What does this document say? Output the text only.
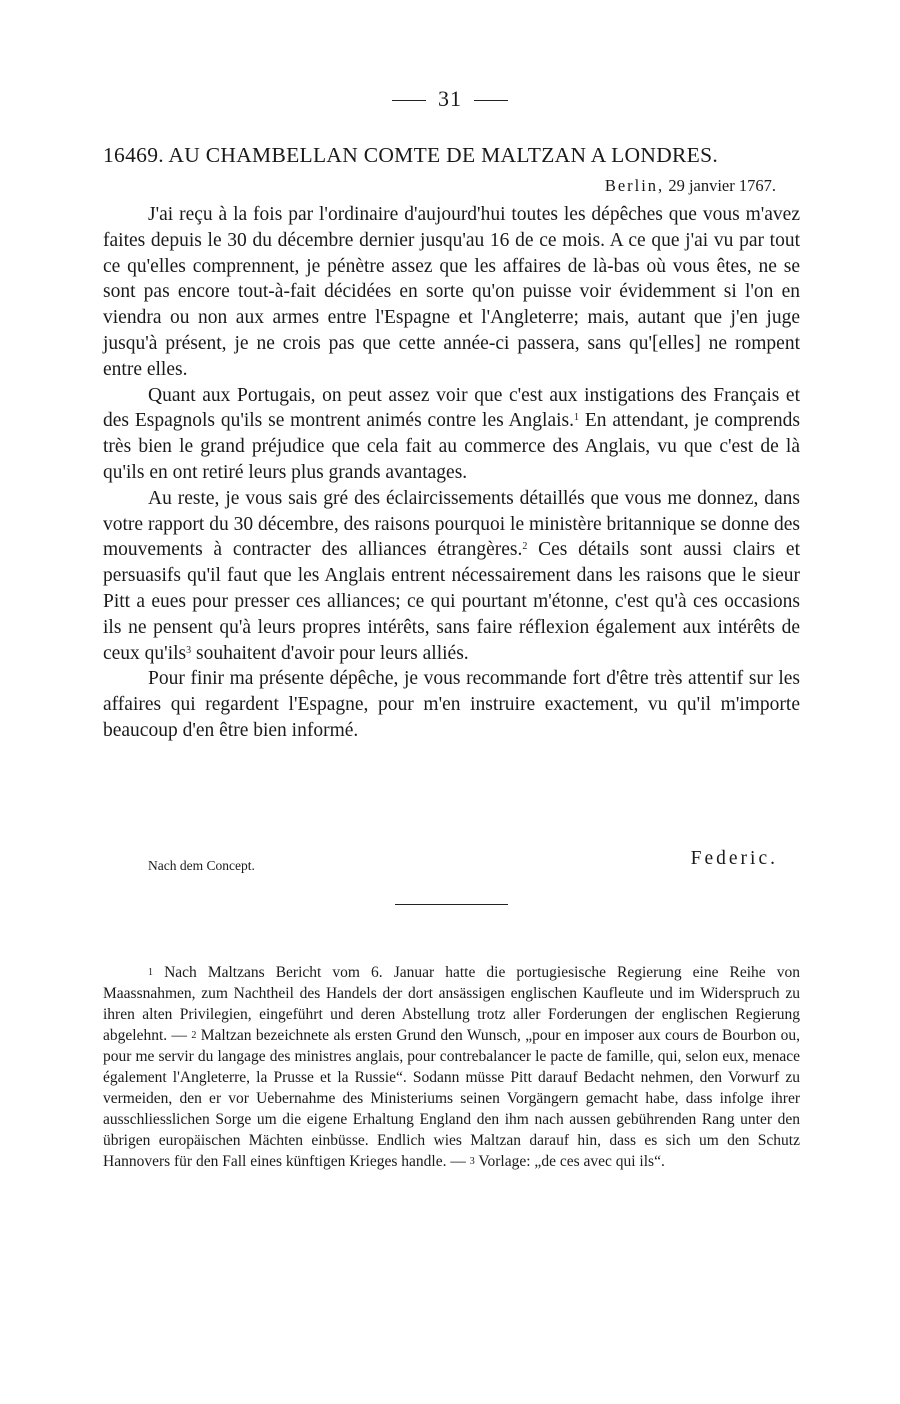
31
16469. AU CHAMBELLAN COMTE DE MALTZAN A LONDRES.
Berlin, 29 janvier 1767.

J'ai reçu à la fois par l'ordinaire d'aujourd'hui toutes les dépêches que vous m'avez faites depuis le 30 du décembre dernier jusqu'au 16 de ce mois. A ce que j'ai vu par tout ce qu'elles comprennent, je pénètre assez que les affaires de là-bas où vous êtes, ne se sont pas encore tout-à-fait décidées en sorte qu'on puisse voir évidemment si l'on en viendra ou non aux armes entre l'Espagne et l'Angleterre; mais, autant que j'en juge jusqu'à présent, je ne crois pas que cette année-ci passera, sans qu'[elles] ne rompent entre elles.

Quant aux Portugais, on peut assez voir que c'est aux instigations des Français et des Espagnols qu'ils se montrent animés contre les Anglais.$^1$ En attendant, je comprends très bien le grand préjudice que cela fait au commerce des Anglais, vu que c'est de là qu'ils en ont retiré leurs plus grands avantages.

Au reste, je vous sais gré des éclaircissements détaillés que vous me donnez, dans votre rapport du 30 décembre, des raisons pourquoi le ministère britannique se donne des mouvements à contracter des alliances étrangères.$^2$ Ces détails sont aussi clairs et persuasifs qu'il faut que les Anglais entrent nécessairement dans les raisons que le sieur Pitt a eues pour presser ces alliances; ce qui pourtant m'étonne, c'est qu'à ces occasions ils ne pensent qu'à leurs propres intérêts, sans faire réflexion également aux intérêts de ceux qu'ils$^3$ souhaitent d'avoir pour leurs alliés.

Pour finir ma présente dépêche, je vous recommande fort d'être très attentif sur les affaires qui regardent l'Espagne, pour m'en instruire exactement, vu qu'il m'importe beaucoup d'en être bien informé.

Nach dem Concept.	Federic.

1 Nach Maltzans Bericht vom 6. Januar hatte die portugiesische Regierung eine Reihe von Maassnahmen, zum Nachtheil des Handels der dort ansässigen englischen Kaufleute und im Widerspruch zu ihren alten Privilegien, eingeführt und deren Abstellung trotz aller Forderungen der englischen Regierung abgelehnt. — 2 Maltzan bezeichnete als ersten Grund den Wunsch, „pour en imposer aux cours de Bourbon ou, pour me servir du langage des ministres anglais, pour contrebalancer le pacte de famille, qui, selon eux, menace également l'Angleterre, la Prusse et la Russie“. Sodann müsse Pitt darauf Bedacht nehmen, den Vorwurf zu vermeiden, den er vor Uebernahme des Ministeriums seinen Vorgängern gemacht habe, dass infolge ihrer ausschliesslichen Sorge um die eigene Erhaltung England den ihm nach aussen gebührenden Rang unter den übrigen europäischen Mächten einbüsse. Endlich wies Maltzan darauf hin, dass es sich um den Schutz Hannovers für den Fall eines künftigen Krieges handle. — 3 Vorlage: „de ces avec qui ils“.
